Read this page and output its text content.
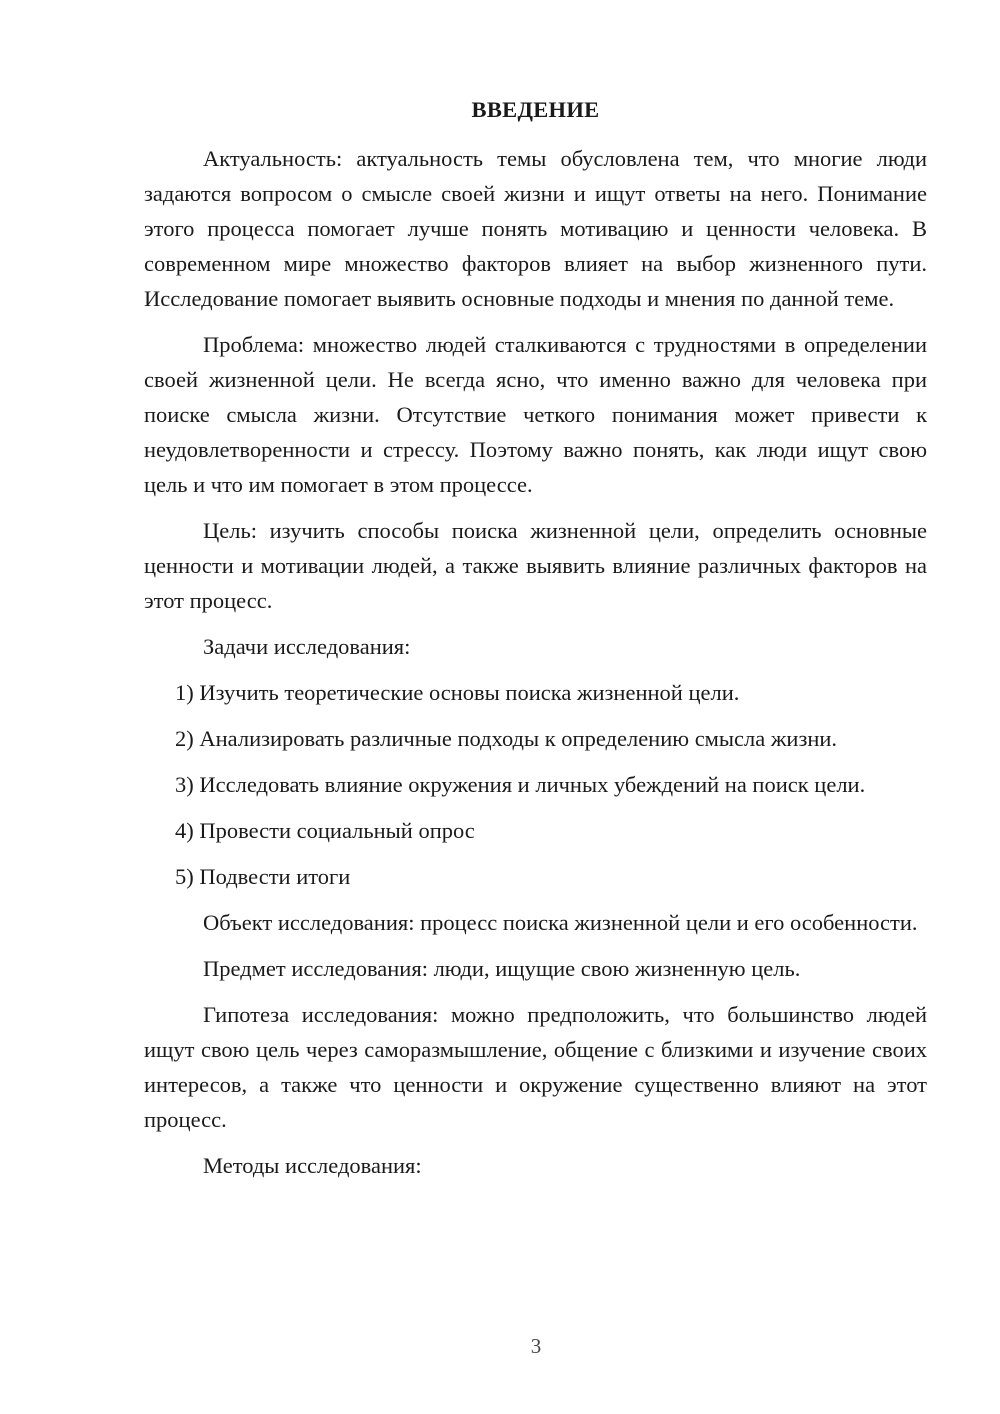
ВВЕДЕНИЕ

Актуальность: актуальность темы обусловлена тем, что многие люди задаются вопросом о смысле своей жизни и ищут ответы на него. Понимание этого процесса помогает лучше понять мотивацию и ценности человека. В современном мире множество факторов влияет на выбор жизненного пути. Исследование помогает выявить основные подходы и мнения по данной теме.

Проблема: множество людей сталкиваются с трудностями в определении своей жизненной цели. Не всегда ясно, что именно важно для человека при поиске смысла жизни. Отсутствие четкого понимания может привести к неудовлетворенности и стрессу. Поэтому важно понять, как люди ищут свою цель и что им помогает в этом процессе.

Цель: изучить способы поиска жизненной цели, определить основные ценности и мотивации людей, а также выявить влияние различных факторов на этот процесс.

Задачи исследования:

1) Изучить теоретические основы поиска жизненной цели.

2) Анализировать различные подходы к определению смысла жизни.

3) Исследовать влияние окружения и личных убеждений на поиск цели.

4) Провести социальный опрос

5) Подвести итоги

Объект исследования: процесс поиска жизненной цели и его особенности.

Предмет исследования: люди, ищущие свою жизненную цель.

Гипотеза исследования: можно предположить, что большинство людей ищут свою цель через саморазмышление, общение с близкими и изучение своих интересов, а также что ценности и окружение существенно влияют на этот процесс.

Методы исследования:

3
